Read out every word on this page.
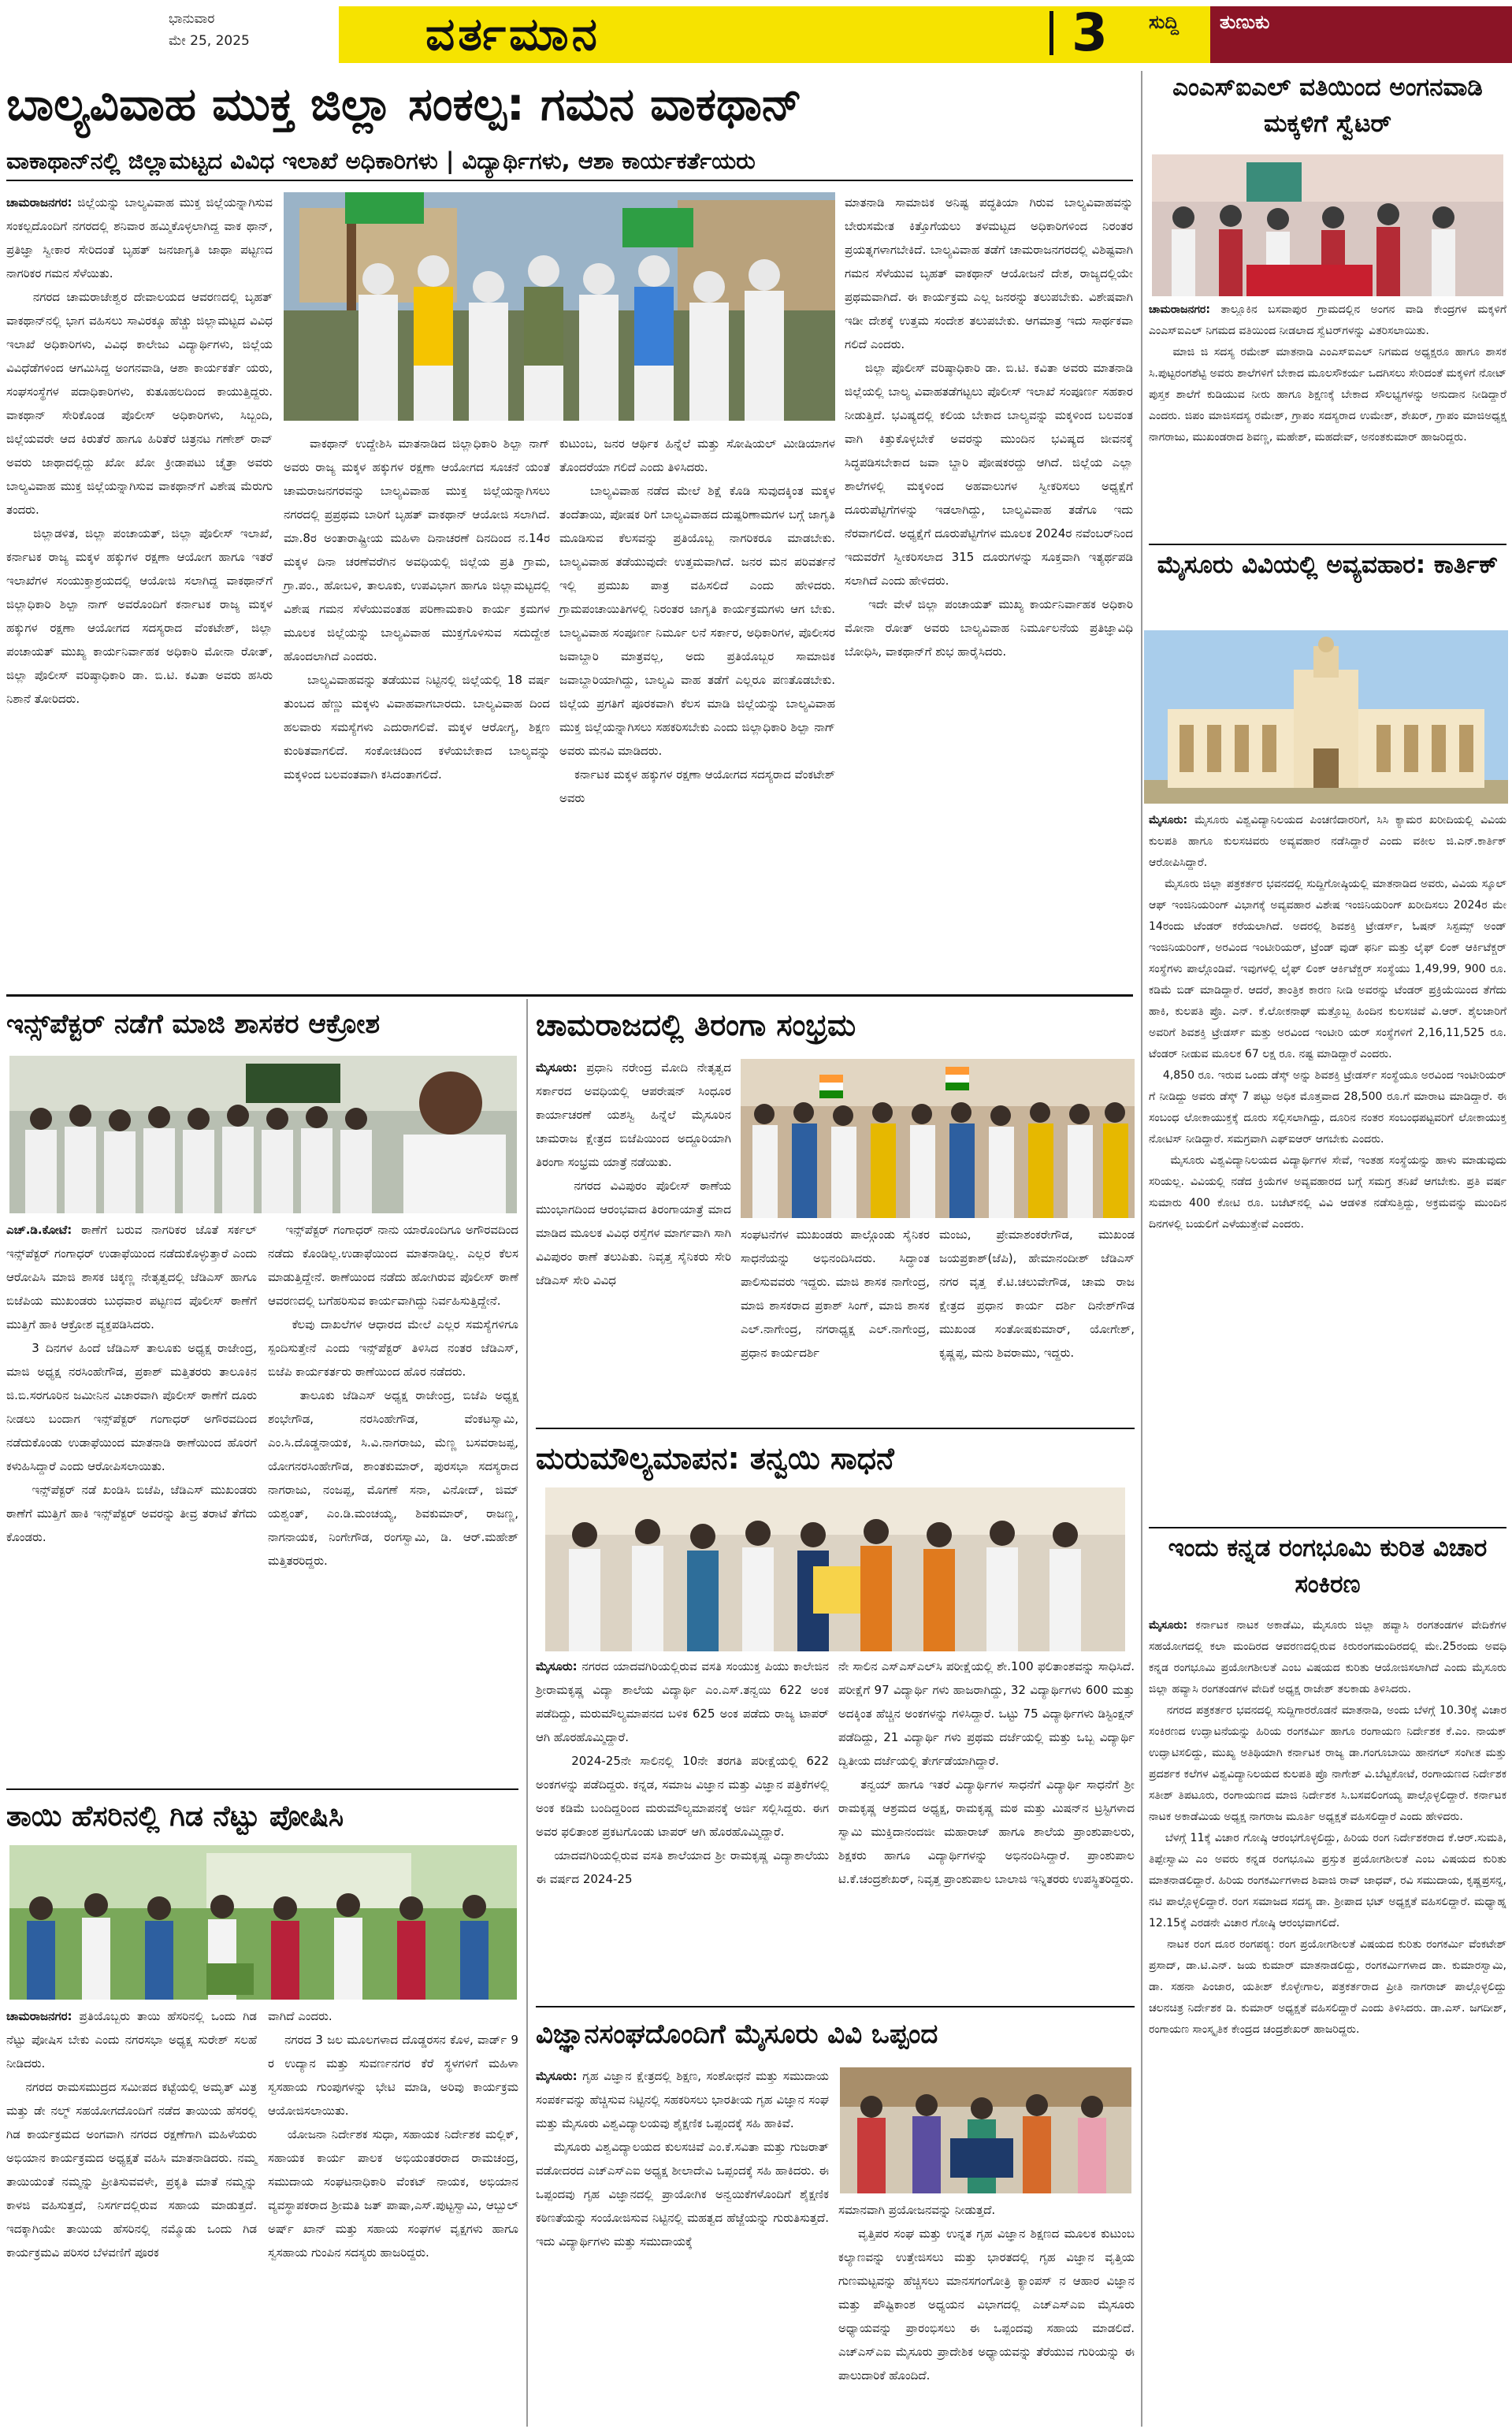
ಭಾನುವಾರ
ಮೇ 25, 2025	ವರ್ತಮಾನ	3 ಸುದ್ದಿ ತುಣುಕು
ಬಾಲ್ಯವಿವಾಹ ಮುಕ್ತ ಜಿಲ್ಲಾ ಸಂಕಲ್ಪ: ಗಮನ ವಾಕಥಾನ್
ವಾಕಾಥಾನ್‌ನಲ್ಲಿ ಜಿಲ್ಲಾಮಟ್ಟದ ವಿವಿಧ ಇಲಾಖೆ ಅಧಿಕಾರಿಗಳು | ವಿದ್ಯಾರ್ಥಿಗಳು, ಆಶಾ ಕಾರ್ಯಕರ್ತೆಯರು
ಚಾಮರಾಜನಗರ: ಜಿಲ್ಲೆಯನ್ನು ಬಾಲ್ಯವಿವಾಹ ಮುಕ್ತ ಜಿಲ್ಲೆಯನ್ನಾಗಿಸುವ ಸಂಕಲ್ಪದೊಂದಿಗೆ ನಗರದಲ್ಲಿ ಶನಿವಾರ ಹಮ್ಮಿಕೊಳ್ಳಲಾಗಿದ್ದ ವಾಕ ಥಾನ್, ಪ್ರತಿಜ್ಞಾ ಸ್ವೀಕಾರ ಸೇರಿದಂತೆ ಬೃಹತ್ ಜನಜಾಗೃತಿ ಜಾಥಾ ಪಟ್ಟಣದ ನಾಗರಿಕರ ಗಮನ ಸೆಳೆಯಿತು.
ನಗರದ ಚಾಮರಾಜೇಶ್ವರ ದೇವಾಲಯದ ಆವರಣದಲ್ಲಿ ಬೃಹತ್ ವಾಕಥಾನ್‌ನಲ್ಲಿ ಭಾಗ ವಹಿಸಲು ಸಾವಿರಕ್ಕೂ ಹೆಚ್ಚು ಜಿಲ್ಲಾಮಟ್ಟದ ವಿವಿಧ ಇಲಾಖೆ ಅಧಿಕಾರಿಗಳು, ವಿವಿಧ ಕಾಲೇಜು ವಿದ್ಯಾರ್ಥಿಗಳು, ಜಿಲ್ಲೆಯ ವಿವಿಧೆಡೆಗಳಿಂದ ಆಗಮಿಸಿದ್ದ ಅಂಗನವಾಡಿ, ಆಶಾ ಕಾರ್ಯಕರ್ತೆ ಯರು, ಸಂಘಸಂಸ್ಥೆಗಳ ಪದಾಧಿಕಾರಿಗಳು, ಕುತೂಹಲದಿಂದ ಕಾಯುತ್ತಿದ್ದರು. ವಾಕಥಾನ್ ಸೇರಿಕೊಂಡ ಪೊಲೀಸ್ ಅಧಿಕಾರಿಗಳು, ಸಿಬ್ಬಂದಿ, ಜಿಲ್ಲೆಯವರೇ ಆದ ಕಿರುತೆರೆ ಹಾಗೂ ಹಿರಿತೆರೆ ಚಿತ್ರನಟ ಗಣೇಶ್ ರಾವ್ ಅವರು ಜಾಥಾದಲ್ಲಿದ್ದು ಖೋ ಖೋ ಕ್ರೀಡಾಪಟು ಚೈತ್ರಾ ಅವರು ಬಾಲ್ಯವಿವಾಹ ಮುಕ್ತ ಜಿಲ್ಲೆಯನ್ನಾಗಿಸುವ ವಾಕಥಾನ್‌ಗೆ ವಿಶೇಷ ಮೆರುಗು ತಂದರು.
ಜಿಲ್ಲಾಡಳಿತ, ಜಿಲ್ಲಾ ಪಂಚಾಯತ್, ಜಿಲ್ಲಾ ಪೊಲೀಸ್ ಇಲಾಖೆ, ಕರ್ನಾಟಕ ರಾಜ್ಯ ಮಕ್ಕಳ ಹಕ್ಕುಗಳ ರಕ್ಷಣಾ ಆಯೋಗ ಹಾಗೂ ಇತರೆ ಇಲಾಖೆಗಳ ಸಂಯುಕ್ತಾಶ್ರಯದಲ್ಲಿ ಆಯೋಜಿ ಸಲಾಗಿದ್ದ ವಾಕಥಾನ್‌ಗೆ ಜಿಲ್ಲಾಧಿಕಾರಿ ಶಿಲ್ಪಾ ನಾಗ್ ಅವರೊಂದಿಗೆ ಕರ್ನಾಟಕ ರಾಜ್ಯ ಮಕ್ಕಳ ಹಕ್ಕುಗಳ ರಕ್ಷಣಾ ಆಯೋಗದ ಸದಸ್ಯರಾದ ವೆಂಕಟೇಶ್, ಜಿಲ್ಲಾ ಪಂಚಾಯತ್ ಮುಖ್ಯ ಕಾರ್ಯನಿರ್ವಾಹಕ ಅಧಿಕಾರಿ ಮೋನಾ ರೋತ್, ಜಿಲ್ಲಾ ಪೊಲೀಸ್ ವರಿಷ್ಠಾಧಿಕಾರಿ ಡಾ. ಬಿ.ಟಿ. ಕವಿತಾ ಅವರು ಹಸಿರು ನಿಶಾನೆ ತೋರಿದರು.
ವಾಕಥಾನ್ ಉದ್ದೇಶಿಸಿ ಮಾತನಾಡಿದ ಜಿಲ್ಲಾಧಿಕಾರಿ ಶಿಲ್ಪಾ ನಾಗ್ ಅವರು ರಾಜ್ಯ ಮಕ್ಕಳ ಹಕ್ಕುಗಳ ರಕ್ಷಣಾ ಆಯೋಗದ ಸೂಚನೆ ಯಂತೆ ಚಾಮರಾಜನಗರವನ್ನು ಬಾಲ್ಯವಿವಾಹ ಮುಕ್ತ ಜಿಲ್ಲೆಯನ್ನಾಗಿಸಲು ನಗರದಲ್ಲಿ ಪ್ರಪ್ರಥಮ ಬಾರಿಗೆ ಬೃಹತ್ ವಾಕಥಾನ್ ಆಯೋಜಿ ಸಲಾಗಿದೆ. ಮಾ.8ರ ಅಂತಾರಾಷ್ಟ್ರೀಯ ಮಹಿಳಾ ದಿನಾಚರಣೆ ದಿನದಿಂದ ನ.14ರ ಮಕ್ಕಳ ದಿನಾ ಚರಣೆವರೆಗಿನ ಅವಧಿಯಲ್ಲಿ ಜಿಲ್ಲೆಯ ಪ್ರತಿ ಗ್ರಾಮ, ಗ್ರಾ.ಪಂ., ಹೋಬಳಿ, ತಾಲೂಕು, ಉಪವಿಭಾಗ ಹಾಗೂ ಜಿಲ್ಲಾಮಟ್ಟದಲ್ಲಿ ವಿಶೇಷ ಗಮನ ಸೆಳೆಯುವಂತಹ ಪರಿಣಾಮಕಾರಿ ಕಾರ್ಯ ಕ್ರಮಗಳ ಮೂಲಕ ಜಿಲ್ಲೆಯನ್ನು ಬಾಲ್ಯವಿವಾಹ ಮುಕ್ತಗೊಳಿಸುವ ಸದುದ್ದೇಶ ಹೊಂದಲಾಗಿದೆ ಎಂದರು.
ಬಾಲ್ಯವಿವಾಹವನ್ನು ತಡೆಯುವ ನಿಟ್ಟಿನಲ್ಲಿ ಜಿಲ್ಲೆಯಲ್ಲಿ 18 ವರ್ಷ ತುಂಬದ ಹೆಣ್ಣು ಮಕ್ಕಳು ವಿವಾಹವಾಗಬಾರದು. ಬಾಲ್ಯವಿವಾಹ ದಿಂದ ಹಲವಾರು ಸಮಸ್ಯೆಗಳು ಎದುರಾಗಲಿವೆ. ಮಕ್ಕಳ ಆರೋಗ್ಯ, ಶಿಕ್ಷಣ ಕುಂಠಿತವಾಗಲಿದೆ. ಸಂಕೋಚದಿಂದ ಕಳೆಯಬೇಕಾದ ಬಾಲ್ಯವನ್ನು ಮಕ್ಕಳಿಂದ ಬಲವಂತವಾಗಿ ಕಸಿದಂತಾಗಲಿದೆ.
ಕುಟುಂಬ, ಜನರ ಆರ್ಥಿಕ ಹಿನ್ನೆಲೆ ಮತ್ತು ಸೋಷಿಯಲ್ ಮೀಡಿಯಾಗಳ ತೊಂದರೆಯಾ ಗಲಿದೆ ಎಂದು ತಿಳಿಸಿದರು.
ಬಾಲ್ಯವಿವಾಹ ನಡೆದ ಮೇಲೆ ಶಿಕ್ಷೆ ಕೊಡಿ ಸುವುದಕ್ಕಿಂತ ಮಕ್ಕಳ ತಂದೆತಾಯಿ, ಪೋಷಕ ರಿಗೆ ಬಾಲ್ಯವಿವಾಹದ ದುಷ್ಪರಿಣಾಮಗಳ ಬಗ್ಗೆ ಜಾಗೃತಿ ಮೂಡಿಸುವ ಕೆಲಸವನ್ನು ಪ್ರತಿಯೊಬ್ಬ ನಾಗರಿಕರೂ ಮಾಡಬೇಕು. ಬಾಲ್ಯವಿವಾಹ ತಡೆಯುವುದೇ ಉತ್ತಮವಾಗಿದೆ. ಜನರ ಮನ ಪರಿವರ್ತನೆ ಇಲ್ಲಿ ಪ್ರಮುಖ ಪಾತ್ರ ವಹಿಸಲಿದೆ ಎಂದು ಹೇಳಿದರು. ಗ್ರಾಮಪಂಚಾಯಿತಿಗಳಲ್ಲಿ ನಿರಂತರ ಜಾಗೃತಿ ಕಾರ್ಯಕ್ರಮಗಳು ಆಗ ಬೇಕು. ಬಾಲ್ಯವಿವಾಹ ಸಂಪೂರ್ಣ ನಿರ್ಮೂ ಲನೆ ಸರ್ಕಾರ, ಅಧಿಕಾರಿಗಳ, ಪೊಲೀಸರ ಜವಾಬ್ದಾರಿ ಮಾತ್ರವಲ್ಲ, ಅದು ಪ್ರತಿಯೊಬ್ಬರ ಸಾಮಾಜಿಕ ಜವಾಬ್ದಾರಿಯಾಗಿದ್ದು, ಬಾಲ್ಯವಿ ವಾಹ ತಡೆಗೆ ಎಲ್ಲರೂ ಪಣತೊಡಬೇಕು. ಜಿಲ್ಲೆಯ ಪ್ರಗತಿಗೆ ಪೂರಕವಾಗಿ ಕೆಲಸ ಮಾಡಿ ಜಿಲ್ಲೆಯನ್ನು ಬಾಲ್ಯವಿವಾಹ ಮುಕ್ತ ಜಿಲ್ಲೆಯನ್ನಾಗಿಸಲು ಸಹಕರಿಸಬೇಕು ಎಂದು ಜಿಲ್ಲಾಧಿಕಾರಿ ಶಿಲ್ಪಾ ನಾಗ್ ಅವರು ಮನವಿ ಮಾಡಿದರು.
ಕರ್ನಾಟಕ ಮಕ್ಕಳ ಹಕ್ಕುಗಳ ರಕ್ಷಣಾ ಆಯೋಗದ ಸದಸ್ಯರಾದ ವೆಂಕಟೇಶ್ ಅವರು
ಮಾತನಾಡಿ ಸಾಮಾಜಿಕ ಅನಿಷ್ಟ ಪದ್ಧತಿಯಾ ಗಿರುವ ಬಾಲ್ಯವಿವಾಹವನ್ನು ಬೇರುಸಮೇತ ಕಿತ್ತೊಗೆಯಲು ತಳಮಟ್ಟದ ಅಧಿಕಾರಿಗಳಿಂದ ನಿರಂತರ ಪ್ರಯತ್ನಗಳಾಗಬೇಕಿದೆ. ಬಾಲ್ಯವಿವಾಹ ತಡೆಗೆ ಚಾಮರಾಜನಗರದಲ್ಲಿ ವಿಶಿಷ್ಟವಾಗಿ ಗಮನ ಸೆಳೆಯುವ ಬೃಹತ್ ವಾಕಥಾನ್ ಆಯೋಜನೆ ದೇಶ, ರಾಜ್ಯದಲ್ಲಿಯೇ ಪ್ರಥಮವಾಗಿದೆ. ಈ ಕಾರ್ಯಕ್ರಮ ಎಲ್ಲ ಜನರನ್ನು ತಲುಪಬೇಕು. ವಿಶೇಷವಾಗಿ ಇಡೀ ದೇಶಕ್ಕೆ ಉತ್ತಮ ಸಂದೇಶ ತಲುಪಬೇಕು. ಆಗಮಾತ್ರ ಇದು ಸಾರ್ಥಕವಾ ಗಲಿದೆ ಎಂದರು.
ಜಿಲ್ಲಾ ಪೊಲೀಸ್ ವರಿಷ್ಠಾಧಿಕಾರಿ ಡಾ. ಬಿ.ಟಿ. ಕವಿತಾ ಅವರು ಮಾತನಾಡಿ ಜಿಲ್ಲೆಯಲ್ಲಿ ಬಾಲ್ಯ ವಿವಾಹತಡೆಗಟ್ಟಲು ಪೊಲೀಸ್ ಇಲಾಖೆ ಸಂಪೂರ್ಣ ಸಹಕಾರ ನೀಡುತ್ತಿದೆ. ಭವಿಷ್ಯದಲ್ಲಿ ಕಲಿಯ ಬೇಕಾದ ಬಾಲ್ಯವನ್ನು ಮಕ್ಕಳಿಂದ ಬಲವಂತ ವಾಗಿ ಕಿತ್ತುಕೊಳ್ಳಬೇಕೆ ಅವರನ್ನು ಮುಂದಿನ ಭವಿಷ್ಯದ ಜೀವನಕ್ಕೆ ಸಿದ್ಧಪಡಿಸಬೇಕಾದ ಜವಾ ಬ್ದಾರಿ ಪೋಷಕರದ್ದು ಆಗಿದೆ. ಜಿಲ್ಲೆಯ ಎಲ್ಲಾ ಶಾಲೆಗಳಲ್ಲಿ ಮಕ್ಕಳಿಂದ ಅಹವಾಲುಗಳ ಸ್ವೀಕರಿಸಲು ಅಧ್ಯಕ್ಷೆಗೆ ದೂರುಪೆಟ್ಟಿಗೆಗಳನ್ನು ಇಡಲಾಗಿದ್ದು, ಬಾಲ್ಯವಿವಾಹ ತಡೆಗೂ ಇದು ನೆರವಾಗಲಿದೆ. ಅಧ್ಯಕ್ಷೆಗೆ ದೂರುಪೆಟ್ಟಿಗೆಗಳ ಮೂಲಕ 2024ರ ನವೆಂಬರ್‌ನಿಂದ ಇದುವರೆಗೆ ಸ್ವೀಕರಿಸಲಾದ 315 ದೂರುಗಳನ್ನು ಸೂಕ್ತವಾಗಿ ಇತ್ಯರ್ಥಪಡಿ ಸಲಾಗಿದೆ ಎಂದು ಹೇಳಿದರು.
ಇದೇ ವೇಳೆ ಜಿಲ್ಲಾ ಪಂಚಾಯತ್ ಮುಖ್ಯ ಕಾರ್ಯನಿರ್ವಾಹಕ ಅಧಿಕಾರಿ ಮೋನಾ ರೋತ್ ಅವರು ಬಾಲ್ಯವಿವಾಹ ನಿರ್ಮೂಲನೆಯ ಪ್ರತಿಜ್ಞಾವಿಧಿ ಬೋಧಿಸಿ, ವಾಕಥಾನ್‌ಗೆ ಶುಭ ಹಾರೈಸಿದರು.
ಎಂಎಸ್‌ಐಎಲ್ ವತಿಯಿಂದ ಅಂಗನವಾಡಿ ಮಕ್ಕಳಿಗೆ ಸ್ವೆಟರ್
ಚಾಮರಾಜನಗರ: ತಾಲ್ಲೂಕಿನ ಬಸವಾಪುರ ಗ್ರಾಮದಲ್ಲಿನ ಅಂಗನ ವಾಡಿ ಕೇಂದ್ರಗಳ ಮಕ್ಕಳಿಗೆ ಎಂಎಸ್‌ಐಎಲ್ ನಿಗಮದ ವತಿಯಿಂದ ನೀಡಲಾದ ಸ್ವೆಟರ್‌ಗಳನ್ನು ವಿತರಿಸಲಾಯಿತು.
ಮಾಜಿ ಜಿ ಸದಸ್ಯ ರಮೇಶ್ ಮಾತನಾಡಿ ಎಂಎಸ್‌ಐಎಲ್ ನಿಗಮದ ಅಧ್ಯಕ್ಷರೂ ಹಾಗೂ ಶಾಸಕ ಸಿ.ಪುಟ್ಟರಂಗಶೆಟ್ಟಿ ಅವರು ಶಾಲೆಗಳಿಗೆ ಬೇಕಾದ ಮೂಲಸೌಕರ್ಯ ಒದಗಿಸಲು ಸೇರಿದಂತೆ ಮಕ್ಕಳಿಗೆ ನೋಟ್ ಪುಸ್ತಕ ಶಾಲೆಗೆ ಕುಡಿಯುವ ನೀರು ಹಾಗೂ ಶಿಕ್ಷಣಕ್ಕೆ ಬೇಕಾದ ಸೌಲಭ್ಯಗಳನ್ನು ಅನುದಾನ ನೀಡಿದ್ದಾರೆ ಎಂದರು. ಜಿಪಂ ಮಾಜಿಸದಸ್ಯ ರಮೇಶ್, ಗ್ರಾಪಂ ಸದಸ್ಯರಾದ ಉಮೇಶ್, ಶೇಖರ್, ಗ್ರಾಪಂ ಮಾಜಿಅಧ್ಯಕ್ಷ ನಾಗರಾಜು, ಮುಖಂಡರಾದ ಶಿವಣ್ಣ, ಮಹೇಶ್, ಮಹದೇವ್, ಅನಂತಕುಮಾರ್ ಹಾಜರಿದ್ದರು.
ಮೈಸೂರು ವಿವಿಯಲ್ಲಿ ಅವ್ಯವಹಾರ: ಕಾರ್ತಿಕ್
ಮೈಸೂರು: ಮೈಸೂರು ವಿಶ್ವವಿದ್ಯಾನಿಲಯದ ಪಿಂಚಣಿದಾರರಿಗೆ, ಸಿಸಿ ಕ್ಯಾಮರ ಖರೀದಿಯಲ್ಲಿ ವಿವಿಯ ಕುಲಪತಿ ಹಾಗೂ ಕುಲಸಚಿವರು ಅವ್ಯವಹಾರ ನಡೆಸಿದ್ದಾರೆ ಎಂದು ವಕೀಲ ಜಿ.ಎನ್.ಕಾರ್ತಿಕ್ ಆರೋಪಿಸಿದ್ದಾರೆ.
ಮೈಸೂರು ಜಿಲ್ಲಾ ಪತ್ರಕರ್ತರ ಭವನದಲ್ಲಿ ಸುದ್ದಿಗೋಷ್ಠಿಯಲ್ಲಿ ಮಾತನಾಡಿದ ಅವರು, ವಿವಿಯ ಸ್ಕೂಲ್ ಆಫ್ ಇಂಜಿನಿಯರಿಂಗ್ ವಿಭಾಗಕ್ಕೆ ಅವ್ಯವಹಾರ ವಿಶೇಷ ಇಂಜಿನಿಯರಿಂಗ್ ಖರೀದಿಸಲು 2024ರ ಮೇ 14ರಂದು ಟೆಂಡರ್ ಕರೆಯಲಾಗಿದೆ. ಅದರಲ್ಲಿ ಶಿವಶಕ್ತಿ ಟ್ರೇಡರ್ಸ್, ಓಷನ್ ಸಿಸ್ಟಮ್ಸ್ ಅಂಡ್ ಇಂಜಿನಿಯರಿಂಗ್, ಅರವಿಂದ ಇಂಟೀರಿಯರ್, ಟ್ರೆಂಡ್ ವುಡ್ ಫರ್ನಿ ಮತ್ತು ಲೈಫ್ ಲಿಂಕ್ ಆರ್ಕಿಟೆಕ್ಚರ್ ಸಂಸ್ಥೆಗಳು ಪಾಲ್ಗೊಂಡಿವೆ. ಇವುಗಳಲ್ಲಿ ಲೈಫ್ ಲಿಂಕ್ ಆರ್ಕಿಟೆಕ್ಚರ್ ಸಂಸ್ಥೆಯು 1,49,99, 900 ರೂ. ಕಡಿಮೆ ಬಿಡ್ ಮಾಡಿದ್ದಾರೆ. ಆದರೆ, ತಾಂತ್ರಿಕ ಕಾರಣ ನೀಡಿ ಅವರನ್ನು ಟೆಂಡರ್ ಪ್ರಕ್ರಿಯೆಯಿಂದ ತೆಗೆದು ಹಾಕಿ, ಕುಲಪತಿ ಪ್ರೊ. ಎನ್. ಕೆ.ಲೋಕನಾಥ್ ಮತ್ತೊಬ್ಬ ಹಿಂದಿನ ಕುಲಸಚಿವೆ ವಿ.ಆರ್. ಶೈಲಜಾರಿಗೆ ಅವರಿಗೆ ಶಿವಶಕ್ತಿ ಟ್ರೇಡರ್ಸ್ ಮತ್ತು ಅರವಿಂದ ಇಂಟೀರಿ ಯರ್ ಸಂಸ್ಥೆಗಳಿಗೆ 2,16,11,525 ರೂ. ಟೆಂಡರ್ ನೀಡುವ ಮೂಲಕ 67 ಲಕ್ಷ ರೂ. ನಷ್ಟ ಮಾಡಿದ್ದಾರೆ ಎಂದರು.
4,850 ರೂ. ಇರುವ ಒಂದು ಡೆಸ್ಕ್ ಅನ್ನು ಶಿವಶಕ್ತಿ ಟ್ರೇಡರ್ಸ್ ಸಂಸ್ಥೆಯೂ ಅರವಿಂದ ಇಂಟೀರಿಯರ್ ಗೆ ನೀಡಿದ್ದು ಅವರು ಡೆಸ್ಕ್ 7 ಪಟ್ಟು ಅಧಿಕ ಮೊತ್ತವಾದ 28,500 ರೂ.ಗೆ ಮಾರಾಟ ಮಾಡಿದ್ದಾರೆ. ಈ ಸಂಬಂಧ ಲೋಕಾಯುಕ್ತಕ್ಕೆ ದೂರು ಸಲ್ಲಿಸಲಾಗಿದ್ದು, ದೂರಿನ ನಂತರ ಸಂಬಂಧಪಟ್ಟವರಿಗೆ ಲೋಕಾಯುಕ್ತ ನೋಟಿಸ್ ನೀಡಿದ್ದಾರೆ. ಸಮಗ್ರವಾಗಿ ಎಫ್‌ಐಆರ್ ಆಗಬೇಕು ಎಂದರು.
ಮೈಸೂರು ವಿಶ್ವವಿದ್ಯಾನಿಲಯದ ವಿದ್ಯಾರ್ಥಿಗಳ ಸೇವೆ, ಇಂತಹ ಸಂಸ್ಥೆಯನ್ನು ಹಾಳು ಮಾಡುವುದು ಸರಿಯಲ್ಲ. ವಿವಿಯಲ್ಲಿ ನಡೆದ ಕ್ರಿಯೆಗಳ ಅವ್ಯವಹಾರದ ಬಗ್ಗೆ ಸಮಗ್ರ ತನಿಖೆ ಆಗಬೇಕು. ಪ್ರತಿ ವರ್ಷ ಸುಮಾರು 400 ಕೋಟಿ ರೂ. ಬಜೆಟ್‌ನಲ್ಲಿ ವಿವಿ ಆಡಳಿತ ನಡೆಸುತ್ತಿದ್ದು, ಅಕ್ರಮವನ್ನು ಮುಂದಿನ ದಿನಗಳಲ್ಲಿ ಬಯಲಿಗೆ ಎಳೆಯುತ್ತೇವೆ ಎಂದರು.
ಇಂದು ಕನ್ನಡ ರಂಗಭೂಮಿ ಕುರಿತ ವಿಚಾರ ಸಂಕಿರಣ
ಮೈಸೂರು: ಕರ್ನಾಟಕ ನಾಟಕ ಅಕಾಡೆಮಿ, ಮೈಸೂರು ಜಿಲ್ಲಾ ಹವ್ಯಾಸಿ ರಂಗತಂಡಗಳ ವೇದಿಕೆಗಳ ಸಹಯೋಗದಲ್ಲಿ ಕಲಾ ಮಂದಿರದ ಆವರಣದಲ್ಲಿರುವ ಕಿರುರಂಗಮಂದಿರದಲ್ಲಿ ಮೇ.25ರಂದು ಅವಧಿ ಕನ್ನಡ ರಂಗಭೂಮಿ ಪ್ರಯೋಗಶೀಲತೆ ಎಂಬ ವಿಷಯದ ಕುರಿತು ಆಯೋಜಿಸಲಾಗಿದೆ ಎಂದು ಮೈಸೂರು ಜಿಲ್ಲಾ ಹವ್ಯಾಸಿ ರಂಗತಂಡಗಳ ವೇದಿಕೆ ಅಧ್ಯಕ್ಷ ರಾಜೇಶ್ ತಲಕಾಡು ತಿಳಿಸಿದರು.
ನಗರದ ಪತ್ರಕರ್ತರ ಭವನದಲ್ಲಿ ಸುದ್ದಿಗಾರರೊಡನೆ ಮಾತನಾಡಿ, ಅಂದು ಬೆಳಗ್ಗೆ 10.30ಕ್ಕೆ ವಿಚಾರ ಸಂಕಿರಣದ ಉದ್ಘಾಟನೆಯನ್ನು ಹಿರಿಯ ರಂಗಕರ್ಮಿ ಹಾಗೂ ರಂಗಾಯಣ ನಿರ್ದೇಶಕ ಕೆ.ಎಂ. ನಾಯಕ್ ಉದ್ಘಾಟಿಸಲಿದ್ದು, ಮುಖ್ಯ ಅತಿಥಿಯಾಗಿ ಕರ್ನಾಟಕ ರಾಜ್ಯ ಡಾ.ಗಂಗೂಬಾಯಿ ಹಾನಗಲ್ ಸಂಗೀತ ಮತ್ತು ಪ್ರದರ್ಶಕ ಕಲೆಗಳ ವಿಶ್ವವಿದ್ಯಾನಿಲಯದ ಕುಲಪತಿ ಪ್ರೊ ನಾಗೇಶ್ ವಿ.ಬೆಟ್ಟಕೋಟೆ, ರಂಗಾಯಣದ ನಿರ್ದೇಶಕ ಸತೀಶ್ ತಿಪಟೂರು, ರಂಗಾಯಣದ ಮಾಜಿ ನಿರ್ದೇಶಕ ಸಿ.ಬಸವಲಿಂಗಯ್ಯ ಪಾಲ್ಗೊಳ್ಳಲಿದ್ದಾರೆ. ಕರ್ನಾಟಕ ನಾಟಕ ಅಕಾಡೆಮಿಯ ಅಧ್ಯಕ್ಷ ನಾಗರಾಜ ಮೂರ್ತಿ ಅಧ್ಯಕ್ಷತೆ ವಹಿಸಲಿದ್ದಾರೆ ಎಂದು ಹೇಳಿದರು.
ಬೆಳಗ್ಗೆ 11ಕ್ಕೆ ವಿಚಾರ ಗೋಷ್ಠಿ ಆರಂಭಗೊಳ್ಳಲಿದ್ದು, ಹಿರಿಯ ರಂಗ ನಿರ್ದೇಶಕರಾದ ಕೆ.ಆರ್.ಸುಮತಿ, ತಿಪ್ಪೇಸ್ವಾಮಿ ಎಂ ಅವರು ಕನ್ನಡ ರಂಗಭೂಮಿ ಪ್ರಸ್ತುತ ಪ್ರಯೋಗಶೀಲತೆ ಎಂಬ ವಿಷಯದ ಕುರಿತು ಮಾತನಾಡಲಿದ್ದಾರೆ. ಹಿರಿಯ ರಂಗಕರ್ಮಿಗಳಾದ ಶಿವಾಜಿ ರಾವ್ ಜಾಧವ್, ರವಿ ಸಮುದಾಯ, ಕೃಷ್ಣಪ್ರಸನ್ನ, ನಟಿ ಪಾಲ್ಗೊಳ್ಳಲಿದ್ದಾರೆ. ರಂಗ ಸಮಾಜದ ಸದಸ್ಯ ಡಾ. ಶ್ರೀಪಾದ ಭಟ್ ಅಧ್ಯಕ್ಷತೆ ವಹಿಸಲಿದ್ದಾರೆ. ಮಧ್ಯಾಹ್ನ 12.15ಕ್ಕೆ ಎರಡನೇ ವಿಚಾರ ಗೋಷ್ಠಿ ಆರಂಭವಾಗಲಿದೆ.
ನಾಟಕ ರಂಗ ದೂರ ರಂಗಪಠ್ಯ: ರಂಗ ಪ್ರಯೋಗಶೀಲತೆ ವಿಷಯದ ಕುರಿತು ರಂಗಕರ್ಮಿ ವೆಂಕಟೇಶ್ ಪ್ರಸಾದ್, ಡಾ.ಟಿ.ಎನ್. ಜಯ ಕುಮಾರ್ ಮಾತನಾಡಲಿದ್ದು, ರಂಗಕರ್ಮಿಗಳಾದ ಡಾ. ಕುಮಾರಸ್ವಾಮಿ, ಡಾ. ಸಹನಾ ಪಿಂಜಾರ, ಯತೀಶ್ ಕೊಳ್ಳೇಗಾಲ, ಪತ್ರಕರ್ತರಾದ ಪ್ರೀತಿ ನಾಗರಾಜ್ ಪಾಲ್ಗೊಳ್ಳಲಿದ್ದು ಚಲನಚಿತ್ರ ನಿರ್ದೇಶಕ ಡಿ. ಕುಮಾರ್ ಅಧ್ಯಕ್ಷತೆ ವಹಿಸಲಿದ್ದಾರೆ ಎಂದು ತಿಳಿಸಿದರು. ಡಾ.ಎಸ್. ಜಗದೀಶ್, ರಂಗಾಯಣ ಸಾಂಸ್ಕೃತಿಕ ಕೇಂದ್ರದ ಚಂದ್ರಶೇಖರ್ ಹಾಜರಿದ್ದರು.
ಇನ್ಸ್‌ಪೆಕ್ಟರ್ ನಡೆಗೆ ಮಾಜಿ ಶಾಸಕರ ಆಕ್ರೋಶ
ಎಚ್.ಡಿ.ಕೋಟೆ: ಠಾಣೆಗೆ ಬರುವ ನಾಗರಿಕರ ಜೊತೆ ಸರ್ಕಲ್ ಇನ್ಸ್‌ಪೆಕ್ಟರ್ ಗಂಗಾಧರ್ ಉಡಾಫೆಯಿಂದ ನಡೆದುಕೊಳ್ಳುತ್ತಾರೆ ಎಂದು ಆರೋಪಿಸಿ ಮಾಜಿ ಶಾಸಕ ಚಿಕ್ಕಣ್ಣ ನೇತೃತ್ವದಲ್ಲಿ ಜೆಡಿಎಸ್ ಹಾಗೂ ಬಿಜೆಪಿಯ ಮುಖಂಡರು ಬುಧವಾರ ಪಟ್ಟಣದ ಪೊಲೀಸ್ ಠಾಣೆಗೆ ಮುತ್ತಿಗೆ ಹಾಕಿ ಆಕ್ರೋಶ ವ್ಯಕ್ತಪಡಿಸಿದರು.
3 ದಿನಗಳ ಹಿಂದೆ ಜೆಡಿಎಸ್ ತಾಲೂಕು ಅಧ್ಯಕ್ಷ ರಾಜೇಂದ್ರ, ಮಾಜಿ ಅಧ್ಯಕ್ಷ ನರಸಿಂಹೇಗೌಡ, ಪ್ರಕಾಶ್ ಮತ್ತಿತರರು ತಾಲೂಕಿನ ಜಿ.ಬಿ.ಸರಗೂರಿನ ಜಮೀನಿನ ವಿಚಾರವಾಗಿ ಪೊಲೀಸ್ ಠಾಣೆಗೆ ದೂರು ನೀಡಲು ಬಂದಾಗ ಇನ್ಸ್‌ಪೆಕ್ಟರ್ ಗಂಗಾಧರ್ ಅಗೌರವದಿಂದ ನಡೆದುಕೊಂಡು ಉಡಾಫೆಯಿಂದ ಮಾತನಾಡಿ ಠಾಣೆಯಿಂದ ಹೊರಗೆ ಕಳುಹಿಸಿದ್ದಾರೆ ಎಂದು ಆರೋಪಿಸಲಾಯಿತು.
ಇನ್ಸ್‌ಪೆಕ್ಟರ್ ನಡೆ ಖಂಡಿಸಿ ಬಿಜೆಪಿ, ಜೆಡಿಎಸ್ ಮುಖಂಡರು ಠಾಣೆಗೆ ಮುತ್ತಿಗೆ ಹಾಕಿ ಇನ್ಸ್‌ಪೆಕ್ಟರ್ ಅವರನ್ನು ತೀವ್ರ ತರಾಟೆ ತೆಗೆದು ಕೊಂಡರು.
ಇನ್ಸ್‌ಪೆಕ್ಟರ್ ಗಂಗಾಧರ್ ನಾನು ಯಾರೊಂದಿಗೂ ಅಗೌರವದಿಂದ ನಡೆದು ಕೊಂಡಿಲ್ಲ.ಉಡಾಫೆಯಿಂದ ಮಾತನಾಡಿಲ್ಲ. ಎಲ್ಲರ ಕೆಲಸ ಮಾಡುತ್ತಿದ್ದೇನೆ. ಠಾಣೆಯಿಂದ ನಡೆದು ಹೋಗಿರುವ ಪೊಲೀಸ್ ಠಾಣೆ ಆವರಣದಲ್ಲಿ ಬಗೆಹರಿಸುವ ಕಾರ್ಯವಾಗಿದ್ದು ನಿರ್ವಹಿಸುತ್ತಿದ್ದೇನೆ.
ಕೆಲವು ದಾಖಲೆಗಳ ಆಧಾರದ ಮೇಲೆ ಎಲ್ಲರ ಸಮಸ್ಯೆಗಳಿಗೂ ಸ್ಪಂದಿಸುತ್ತೇನೆ ಎಂದು ಇನ್ಸ್‌ಪೆಕ್ಟರ್ ತಿಳಿಸಿದ ನಂತರ ಜೆಡಿಎಸ್, ಬಿಜೆಪಿ ಕಾರ್ಯಕರ್ತರು ಠಾಣೆಯಿಂದ ಹೊರ ನಡೆದರು.
ತಾಲೂಕು ಜೆಡಿಎಸ್ ಅಧ್ಯಕ್ಷ ರಾಜೇಂದ್ರ, ಬಿಜೆಪಿ ಅಧ್ಯಕ್ಷ ಶಂಭೇಗೌಡ, ನರಸಿಂಹೇಗೌಡ, ವೆಂಕಟಸ್ವಾಮಿ, ಎಂ.ಸಿ.ದೊಡ್ಡನಾಯಕ, ಸಿ.ವಿ.ನಾಗರಾಜು, ಮೆಣ್ಣ ಬಸವರಾಜಪ್ಪ, ಯೋಗನರಸಿಂಹೇಗೌಡ, ಶಾಂತಕುಮಾರ್, ಪುರಸಭಾ ಸದಸ್ಯರಾದ ನಾಗರಾಜು, ನಂಜಪ್ಪ, ಮೊಗಣೆ ಸನಾ, ವಿನೋದ್, ಜಿಮ್ ಯಶ್ವಂತ್, ಎಂ.ಡಿ.ಮಂಚಯ್ಯ, ಶಿವಕುಮಾರ್, ರಾಜಣ್ಣ, ನಾಗನಾಯಕ, ನಿಂಗೇಗೌಡ, ರಂಗಸ್ವಾಮಿ, ಡಿ. ಆರ್.ಮಹೇಶ್ ಮತ್ತಿತರರಿದ್ದರು.
ಚಾಮರಾಜದಲ್ಲಿ ತಿರಂಗಾ ಸಂಭ್ರಮ
ಮೈಸೂರು: ಪ್ರಧಾನಿ ನರೇಂದ್ರ ಮೋದಿ ನೇತೃತ್ವದ ಸರ್ಕಾರದ ಅವಧಿಯಲ್ಲಿ ಆಪರೇಷನ್ ಸಿಂಧೂರ ಕಾರ್ಯಾಚರಣೆ ಯಶಸ್ವಿ ಹಿನ್ನೆಲೆ ಮೈಸೂರಿನ ಚಾಮರಾಜ ಕ್ಷೇತ್ರದ ಬಿಜೆಪಿಯಿಂದ ಅದ್ದೂರಿಯಾಗಿ ತಿರಂಗಾ ಸಂಭ್ರಮ ಯಾತ್ರೆ ನಡೆಯಿತು.
ನಗರದ ವಿವಿಪುರಂ ಪೊಲೀಸ್ ಠಾಣೆಯ ಮುಂಭಾಗದಿಂದ ಆರಂಭವಾದ ತಿರಂಗಾಯಾತ್ರೆ ಮಾದ ಮಾಡಿದ ಮೂಲಕ ವಿವಿಧ ರಸ್ತೆಗಳ ಮಾರ್ಗವಾಗಿ ಸಾಗಿ ವಿವಿಪುರಂ ಠಾಣೆ ತಲುಪಿತು. ನಿವೃತ್ತ ಸೈನಿಕರು ಸೇರಿ ಜೆಡಿಎಸ್ ಸೇರಿ ವಿವಿಧ
ಸಂಘಟನೆಗಳ ಮುಖಂಡರು ಪಾಲ್ಗೊಂಡು ಸೈನಿಕರ ಸಾಧನೆಯನ್ನು ಅಭಿನಂದಿಸಿದರು. ಸಿದ್ಧಾಂತ ಪಾಲಿಸುವವರು ಇದ್ದರು. ಮಾಜಿ ಶಾಸಕ ನಾಗೇಂದ್ರ, ಮಾಜಿ ಶಾಸಕರಾದ ಪ್ರಕಾಶ್ ಸಿಂಗ್, ಮಾಜಿ ಶಾಸಕ ಎಲ್.ನಾಗೇಂದ್ರ, ನಗರಾಧ್ಯಕ್ಷ ಎಲ್.ನಾಗೇಂದ್ರ, ಪ್ರಧಾನ ಕಾರ್ಯದರ್ಶಿ
ಮಂಜು, ಪ್ರೇಮಾಶಂಕರೇಗೌಡ, ಮುಖಂಡ ಜಯಪ್ರಕಾಶ್(ಜೆಪಿ), ಹೇಮಾನಂದೀಶ್ ಜೆಡಿಎಸ್ ನಗರ ವೃತ್ತ ಕೆ.ಟಿ.ಚಲುವೇಗೌಡ, ಚಾಮ ರಾಜ ಕ್ಷೇತ್ರದ ಪ್ರಧಾನ ಕಾರ್ಯ ದರ್ಶಿ ದಿನೇಶ್‌ಗೌಡ ಮುಖಂಡ ಸಂತೋಷಕುಮಾರ್, ಯೋಗೇಶ್, ಕೃಷ್ಣಪ್ಪ, ಮನು ಶಿವರಾಮು, ಇದ್ದರು.
ಮರುಮೌಲ್ಯಮಾಪನ: ತನ್ವಯಿ ಸಾಧನೆ
ಮೈಸೂರು: ನಗರದ ಯಾದವಗಿರಿಯಲ್ಲಿರುವ ವಸತಿ ಸಂಯುಕ್ತ ಪಿಯು ಕಾಲೇಜಿನ ಶ್ರೀರಾಮಕೃಷ್ಣ ವಿದ್ಯಾ ಶಾಲೆಯ ವಿದ್ಯಾರ್ಥಿ ಎಂ.ಎಸ್.ತನ್ವಯಿ 622 ಅಂಕ ಪಡೆದಿದ್ದು, ಮರುಮೌಲ್ಯಮಾಪನದ ಬಳಿಕ 625 ಅಂಕ ಪಡೆದು ರಾಜ್ಯ ಟಾಪರ್ ಆಗಿ ಹೊರಹೊಮ್ಮಿದ್ದಾರೆ.
2024-25ನೇ ಸಾಲಿನಲ್ಲಿ 10ನೇ ತರಗತಿ ಪರೀಕ್ಷೆಯಲ್ಲಿ 622 ಅಂಕಗಳನ್ನು ಪಡೆದಿದ್ದರು. ಕನ್ನಡ, ಸಮಾಜ ವಿಜ್ಞಾನ ಮತ್ತು ವಿಜ್ಞಾನ ಪತ್ರಿಕೆಗಳಲ್ಲಿ ಅಂಕ ಕಡಿಮೆ ಬಂದಿದ್ದರಿಂದ ಮರುಮೌಲ್ಯಮಾಪನಕ್ಕೆ ಅರ್ಜಿ ಸಲ್ಲಿಸಿದ್ದರು. ಈಗ ಅವರ ಫಲಿತಾಂಶ ಪ್ರಕಟಗೊಂಡು ಟಾಪರ್ ಆಗಿ ಹೊರಹೊಮ್ಮಿದ್ದಾರೆ.
ಯಾದವಗಿರಿಯಲ್ಲಿರುವ ವಸತಿ ಶಾಲೆಯಾದ ಶ್ರೀ ರಾಮಕೃಷ್ಣ ವಿದ್ಯಾಶಾಲೆಯು ಈ ವರ್ಷದ 2024-25
ನೇ ಸಾಲಿನ ಎಸ್‌ಎಸ್‌ಎಲ್‌ಸಿ ಪರೀಕ್ಷೆಯಲ್ಲಿ ಶೇ.100 ಫಲಿತಾಂಶವನ್ನು ಸಾಧಿಸಿದೆ. ಪರೀಕ್ಷೆಗೆ 97 ವಿದ್ಯಾರ್ಥಿ ಗಳು ಹಾಜರಾಗಿದ್ದು, 32 ವಿದ್ಯಾರ್ಥಿಗಳು 600 ಮತ್ತು ಅದಕ್ಕಿಂತ ಹೆಚ್ಚಿನ ಅಂಕಗಳನ್ನು ಗಳಿಸಿದ್ದಾರೆ. ಒಟ್ಟು 75 ವಿದ್ಯಾರ್ಥಿಗಳು ಡಿಸ್ಟಿಂಕ್ಷನ್ ಪಡೆದಿದ್ದು, 21 ವಿದ್ಯಾರ್ಥಿ ಗಳು ಪ್ರಥಮ ದರ್ಜೆಯಲ್ಲಿ ಮತ್ತು ಒಬ್ಬ ವಿದ್ಯಾರ್ಥಿ ದ್ವಿತೀಯ ದರ್ಜೆಯಲ್ಲಿ ತೇರ್ಗಡೆಯಾಗಿದ್ದಾರೆ.
ತನ್ವಯ್ ಹಾಗೂ ಇತರೆ ವಿದ್ಯಾರ್ಥಿಗಳ ಸಾಧನೆಗೆ ವಿದ್ಯಾರ್ಥಿ ಸಾಧನೆಗೆ ಶ್ರೀ ರಾಮಕೃಷ್ಣ ಆಶ್ರಮದ ಅಧ್ಯಕ್ಷ, ರಾಮಕೃಷ್ಣ ಮಠ ಮತ್ತು ಮಿಷನ್‌ನ ಟ್ರಸ್ಟಿಗಳಾದ ಸ್ವಾಮಿ ಮುಕ್ತಿದಾನಂದಜೀ ಮಹಾರಾಜ್ ಹಾಗೂ ಶಾಲೆಯ ಪ್ರಾಂಶುಪಾಲರು, ಶಿಕ್ಷಕರು ಹಾಗೂ ವಿದ್ಯಾರ್ಥಿಗಳನ್ನು ಅಭಿನಂದಿಸಿದ್ದಾರೆ. ಪ್ರಾಂಶುಪಾಲ ಟಿ.ಕೆ.ಚಂದ್ರಶೇಖರ್, ನಿವೃತ್ತ ಪ್ರಾಂಶುಪಾಲ ಬಾಲಾಜಿ ಇನ್ನಿತರರು ಉಪಸ್ಥಿತರಿದ್ದರು.
ತಾಯಿ ಹೆಸರಿನಲ್ಲಿ ಗಿಡ ನೆಟ್ಟು ಪೋಷಿಸಿ
ಚಾಮರಾಜನಗರ: ಪ್ರತಿಯೊಬ್ಬರು ತಾಯಿ ಹೆಸರಿನಲ್ಲಿ ಒಂದು ಗಿಡ ನೆಟ್ಟು ಪೋಷಿಸ ಬೇಕು ಎಂದು ನಗರಸಭಾ ಅಧ್ಯಕ್ಷ ಸುರೇಶ್ ಸಲಹೆ ನೀಡಿದರು.
ನಗರದ ರಾಮಸಮುದ್ರದ ಸಮೀಪದ ಕಟ್ಟೆಯಲ್ಲಿ ಅಮೃತ್ ಮಿತ್ರ ಮತ್ತು ಡೇ ನಲ್ಮ್ ಸಹಯೋಗದೊಂದಿಗೆ ನಡೆದ ತಾಯಿಯ ಹೆಸರಲ್ಲಿ ಗಿಡ ಕಾರ್ಯಕ್ರಮದ ಅಂಗವಾಗಿ ನಗರದ ರಕ್ಷಣೆಗಾಗಿ ಮಹಿಳೆಯರು ಅಭಿಯಾನ ಕಾರ್ಯಕ್ರಮದ ಅಧ್ಯಕ್ಷತೆ ವಹಿಸಿ ಮಾತನಾಡಿದರು. ನಮ್ಮ ತಾಯಿಯಂತೆ ನಮ್ಮನ್ನು ಪ್ರೀತಿಸುವವಳೇ, ಪ್ರಕೃತಿ ಮಾತೆ ನಮ್ಮನ್ನು ಕಾಳಜಿ ವಹಿಸುತ್ತದೆ, ನಿಸರ್ಗದಲ್ಲಿರುವ ಸಹಾಯ ಮಾಡುತ್ತದೆ. ಇದಕ್ಕಾಗಿಯೇ ತಾಯಿಯ ಹೆಸರಿನಲ್ಲಿ ನಮ್ಮೊಡು ಒಂದು ಗಿಡ ಕಾರ್ಯಕ್ರಮವಿ ಪರಿಸರ ಬೆಳವಣಿಗೆ ಪೂರಕ
ವಾಗಿದೆ ಎಂದರು.
ನಗರದ 3 ಜಲ ಮೂಲಗಳಾದ ದೊಡ್ಡರಸನ ಕೊಳ, ವಾರ್ಡ್ 9 ರ ಉದ್ಯಾನ ಮತ್ತು ಸುವರ್ಣನಗರ ಕೆರೆ ಸ್ಥಳಗಳಿಗೆ ಮಹಿಳಾ ಸ್ವಸಹಾಯ ಗುಂಪುಗಳನ್ನು ಭೇಟಿ ಮಾಡಿ, ಅರಿವು ಕಾರ್ಯಕ್ರಮ ಆಯೋಜಿಸಲಾಯಿತು.
ಯೋಜನಾ ನಿರ್ದೇಶಕ ಸುಧಾ, ಸಹಾಯಕ ನಿರ್ದೇಶಕ ಮಲ್ಲಿಕ್, ಸಹಾಯಕ ಕಾರ್ಯ ಪಾಲಕ ಅಭಿಯಂತರರಾದ ರಾಮಚಂದ್ರ, ಸಮುದಾಯ ಸಂಘಟನಾಧಿಕಾರಿ ವೆಂಕಟ್ ನಾಯಕ, ಅಭಿಯಾನ ವ್ಯವಸ್ಥಾಪಕರಾದ ಶ್ರೀಮತಿ ಜತ್ ಪಾಷಾ,ಎಸ್.ಪುಟ್ಟಸ್ವಾಮಿ, ಆಬ್ಬುಲ್ ಅರ್ಷ್ ಖಾನ್ ಮತ್ತು ಸಹಾಯ ಸಂಘಗಳ ವೃಕ್ಷಗಳು ಹಾಗೂ ಸ್ವಸಹಾಯ ಗುಂಪಿನ ಸದಸ್ಯರು ಹಾಜರಿದ್ದರು.
ವಿಜ್ಞಾನಸಂಘದೊಂದಿಗೆ ಮೈಸೂರು ವಿವಿ ಒಪ್ಪಂದ
ಮೈಸೂರು: ಗೃಹ ವಿಜ್ಞಾನ ಕ್ಷೇತ್ರದಲ್ಲಿ ಶಿಕ್ಷಣ, ಸಂಶೋಧನೆ ಮತ್ತು ಸಮುದಾಯ ಸಂಪರ್ಕವನ್ನು ಹೆಚ್ಚಿಸುವ ನಿಟ್ಟಿನಲ್ಲಿ ಸಹಕರಿಸಲು ಭಾರತೀಯ ಗೃಹ ವಿಜ್ಞಾನ ಸಂಘ ಮತ್ತು ಮೈಸೂರು ವಿಶ್ವವಿದ್ಯಾಲಯವು ಶೈಕ್ಷಣಿಕ ಒಪ್ಪಂದಕ್ಕೆ ಸಹಿ ಹಾಕಿವೆ.
ಮೈಸೂರು ವಿಶ್ವವಿದ್ಯಾಲಯದ ಕುಲಸಚಿವೆ ಎಂ.ಕೆ.ಸವಿತಾ ಮತ್ತು ಗುಜರಾತ್ ವಡೋದರದ ಎಚ್‌ಎಸ್‌ಎಐ ಅಧ್ಯಕ್ಷ ಶೀಲಾದೇವಿ ಒಪ್ಪಂದಕ್ಕೆ ಸಹಿ ಹಾಕಿದರು. ಈ ಒಪ್ಪಂದವು ಗೃಹ ವಿಜ್ಞಾನದಲ್ಲಿ ಪ್ರಾಯೋಗಿಕ ಅನ್ವಯಿಕೆಗಳೊಂದಿಗೆ ಶೈಕ್ಷಣಿಕ ಕಠಿಣತೆಯನ್ನು ಸಂಯೋಜಿಸುವ ನಿಟ್ಟಿನಲ್ಲಿ ಮಹತ್ವದ ಹೆಜ್ಜೆಯನ್ನು ಗುರುತಿಸುತ್ತದೆ. ಇದು ವಿದ್ಯಾರ್ಥಿಗಳು ಮತ್ತು ಸಮುದಾಯಕ್ಕೆ
ಸಮಾನವಾಗಿ ಪ್ರಯೋಜನವನ್ನು ನೀಡುತ್ತದೆ.
ವೃತ್ತಿಪರ ಸಂಘ ಮತ್ತು ಉನ್ನತ ಗೃಹ ವಿಜ್ಞಾನ ಶಿಕ್ಷಣದ ಮೂಲಕ ಕುಟುಂಬ ಕಲ್ಯಾಣವನ್ನು ಉತ್ತೇಜಿಸಲು ಮತ್ತು ಭಾರತದಲ್ಲಿ ಗೃಹ ವಿಜ್ಞಾನ ವೃತ್ತಿಯ ಗುಣಮಟ್ಟವನ್ನು ಹೆಚ್ಚಿಸಲು ಮಾನಸಗಂಗೋತ್ರಿ ಕ್ಯಾಂಪಸ್ ನ ಆಹಾರ ವಿಜ್ಞಾನ ಮತ್ತು ಪೌಷ್ಟಿಕಾಂಶ ಅಧ್ಯಯನ ವಿಭಾಗದಲ್ಲಿ ಎಚ್‌ಎಸ್‌ಎಐ ಮೈಸೂರು ಅಧ್ಯಾಯವನ್ನು ಪ್ರಾರಂಭಿಸಲು ಈ ಒಪ್ಪಂದವು ಸಹಾಯ ಮಾಡಲಿದೆ. ಎಚ್‌ಎಸ್‌ಎಐ ಮೈಸೂರು ಪ್ರಾದೇಶಿಕ ಅಧ್ಯಾಯವನ್ನು ತೆರೆಯುವ ಗುರಿಯನ್ನು ಈ ಪಾಲುದಾರಿಕೆ ಹೊಂದಿದೆ.
